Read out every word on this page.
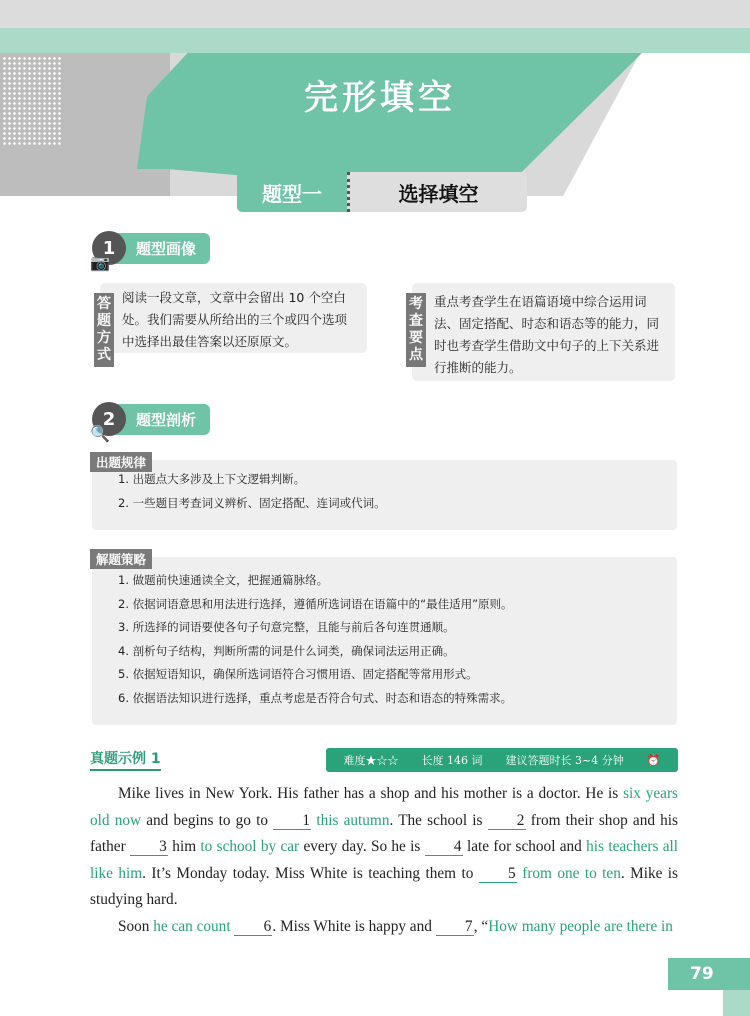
完形填空
题型一	选择填空
1	题型画像
📷
答题方式
阅读一段文章，文章中会留出 10 个空白处。我们需要从所给出的三个或四个选项中选择出最佳答案以还原原文。
考查要点
重点考查学生在语篇语境中综合运用词法、固定搭配、时态和语态等的能力，同时也考查学生借助文中句子的上下关系进行推断的能力。
2	题型剖析
🔍
出题规律
1. 出题点大多涉及上下文逻辑判断。
2. 一些题目考查词义辨析、固定搭配、连词或代词。
解题策略
1. 做题前快速通读全文，把握通篇脉络。
2. 依据词语意思和用法进行选择，遵循所选词语在语篇中的“最佳适用”原则。
3. 所选择的词语要使各句子句意完整，且能与前后各句连贯通顺。
4. 剖析句子结构，判断所需的词是什么词类，确保词法运用正确。
5. 依据短语知识，确保所选词语符合习惯用语、固定搭配等常用形式。
6. 依据语法知识进行选择，重点考虑是否符合句式、时态和语态的特殊需求。
真题示例 1	难度★☆☆ 长度 146 词 建议答题时长 3~4 分钟 ⏰

Mike lives in New York. His father has a shop and his mother is a doctor. He is six years old now and begins to go to 1 this autumn. The school is 2 from their shop and his father 3 him to school by car every day. So he is 4 late for school and his teachers all like him. It’s Monday today. Miss White is teaching them to 5 from one to ten. Mike is studying hard.

Soon he can count 6. Miss White is happy and 7, “How many people are there in

79
